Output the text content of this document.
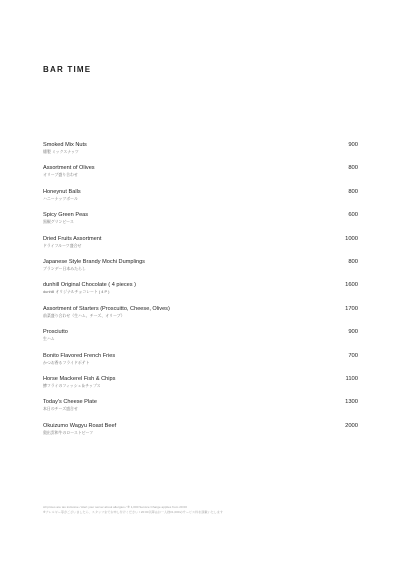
BAR TIME
Smoked Mix Nuts
燻製 ミックスナッツ
900
Assortment of Olives
オリーブ盛り合わせ
800
Honeynut Balls
ハニーナッツボール
800
Spicy Green Peas
黒椒グリンピース
600
Dried Fruits Assortment
ドライフルーツ盛合せ
1000
Japanese Style Brandy Mochi Dumplings
ブランデー日本みたらし
800
dunhill Original Chocolate ( 4 pieces )
dunhill オリジナルチョコレート ( 4 P )
1600
Assortment of Starters (Proscuitto, Cheese, Olives)
前菜盛り合わせ（生ハム、チーズ、オリーブ）
1700
Prosciutto
生ハム
900
Bonito Flavored French Fries
かつお香るフライドポテト
700
Horse Mackerel Fish & Chips
鯵フライのフィッシュ＆チップス
1100
Today's Cheese Plate
本日のチーズ盛合せ
1300
Okuizumo Wagyu Roast Beef
奥出雲和牛のローストビーフ
2000
All prices are tax inclusive / Alert your server about allergies / ※ 1,000 Service Charge applies from 20:00
※アレルギー等がございましたら、スタッフまでお申し付けください / 20:00以降はお一人様¥1,000のサービス料を頂戴いたします
